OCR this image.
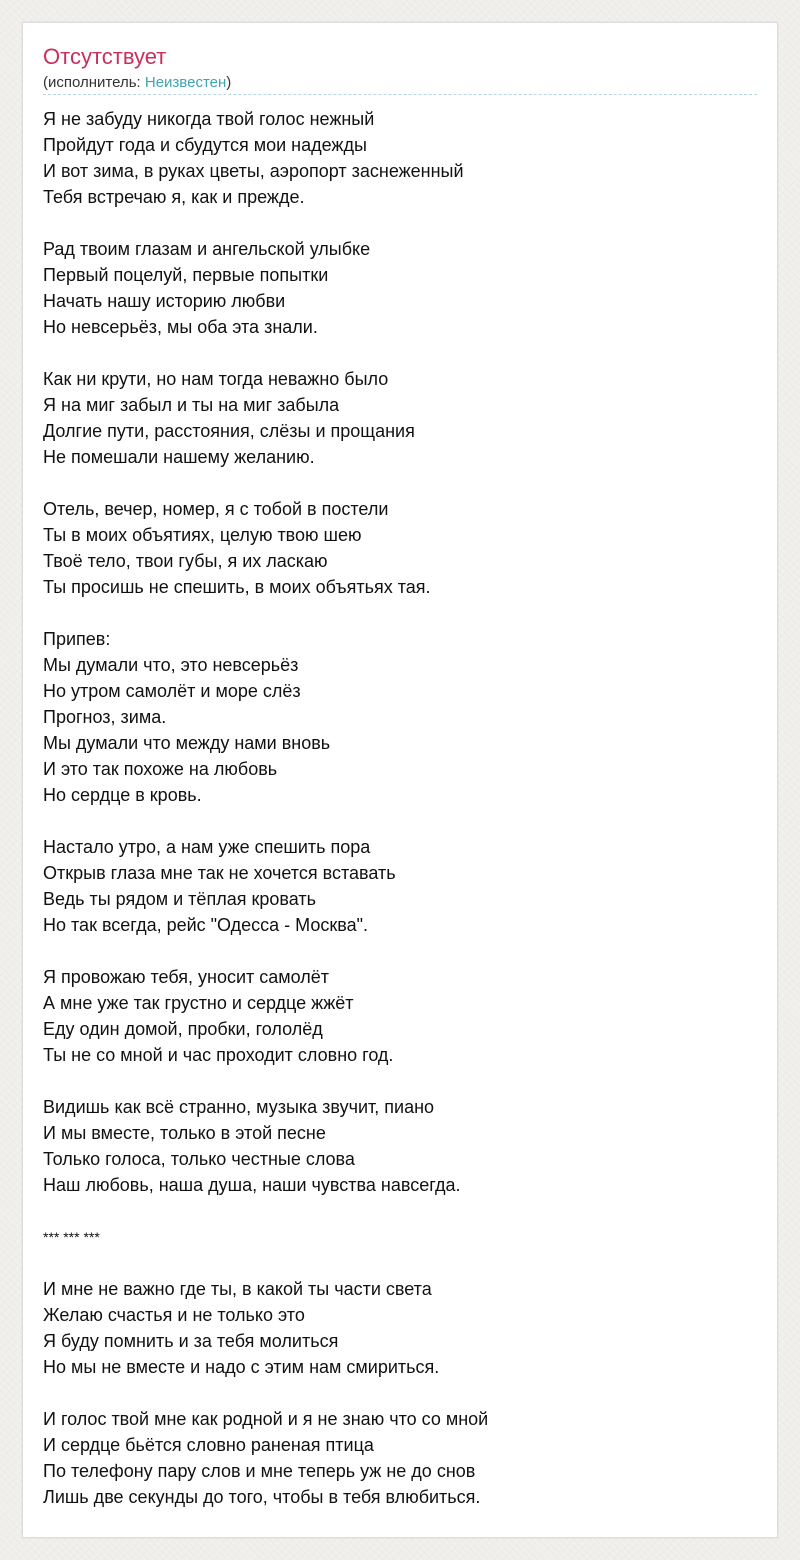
Отсутствует
(исполнитель: Неизвестен)
Я не забуду никогда твой голос нежный
Пройдут года и сбудутся мои надежды
И вот зима, в руках цветы, аэропорт заснеженный
Тебя встречаю я, как и прежде.
Рад твоим глазам и ангельской улыбке
Первый поцелуй, первые попытки
Начать нашу историю любви
Но невсерьёз, мы оба эта знали.
Как ни крути, но нам тогда неважно было
Я на миг забыл и ты на миг забыла
Долгие пути, расстояния, слёзы и прощания
Не помешали нашему желанию.
Отель, вечер, номер, я с тобой в постели
Ты в моих объятиях, целую твою шею
Твоё тело, твои губы, я их ласкаю
Ты просишь не спешить, в моих объятьях тая.
Припев:
Мы думали что, это невсерьёз
Но утром самолёт и море слёз
Прогноз, зима.
Мы думали что между нами вновь
И это так похоже на любовь
Но сердце в кровь.
Настало утро, а нам уже спешить пора
Открыв глаза мне так не хочется вставать
Ведь ты рядом и тёплая кровать
Но так всегда, рейс "Одесса - Москва".
Я провожаю тебя, уносит самолёт
А мне уже так грустно и сердце жжёт
Еду один домой, пробки, гололёд
Ты не со мной и час проходит словно год.
Видишь как всё странно, музыка звучит, пиано
И мы вместе, только в этой песне
Только голоса, только честные слова
Наш любовь, наша душа, наши чувства навсегда.
*** *** ***
И мне не важно где ты, в какой ты части света
Желаю счастья и не только это
Я буду помнить и за тебя молиться
Но мы не вместе и надо с этим нам смириться.
И голос твой мне как родной и я не знаю что со мной
И сердце бьётся словно раненая птица
По телефону пару слов и мне теперь уж не до снов
Лишь две секунды до того, чтобы в тебя влюбиться.
